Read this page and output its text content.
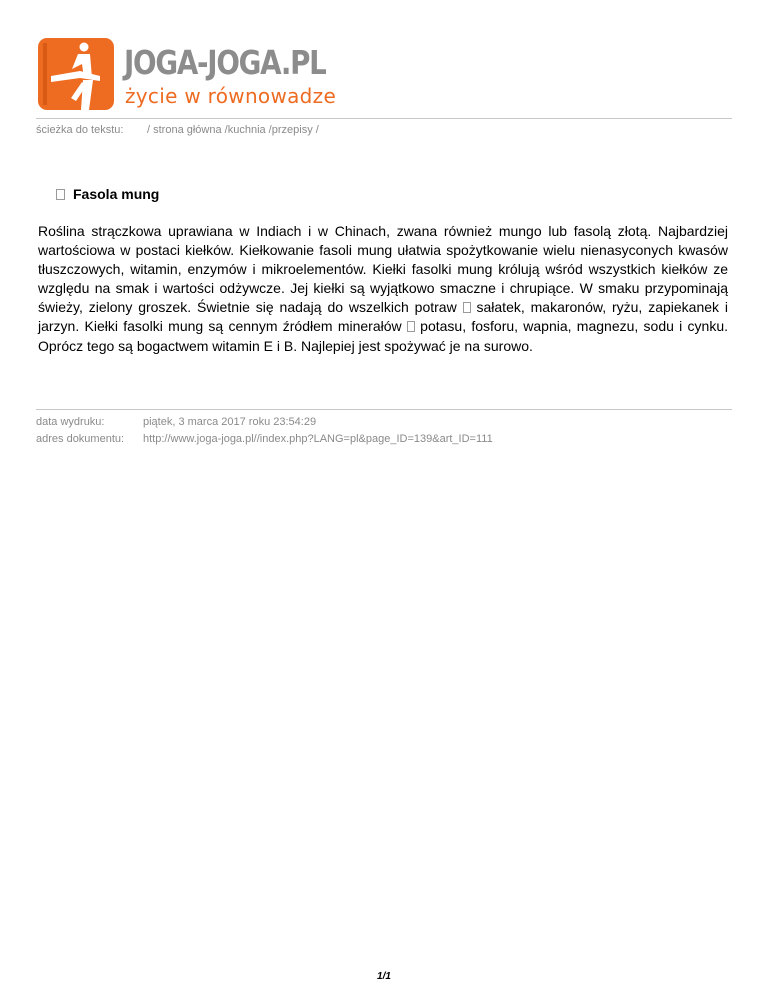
JOGA-JOGA.PL
życie w równowadze
ścieżka do tekstu: / strona główna /kuchnia /przepisy /
Fasola mung

Roślina strączkowa uprawiana w Indiach i w Chinach, zwana również mungo lub fasolą złotą. Najbardziej wartościowa w postaci kiełków. Kiełkowanie fasoli mung ułatwia spożytkowanie wielu nienasyconych kwasów tłuszczowych, witamin, enzymów i mikroelementów. Kiełki fasolki mung królują wśród wszystkich kiełków ze względu na smak i wartości odżywcze. Jej kiełki są wyjątkowo smaczne i chrupiące. W smaku przypominają świeży, zielony groszek. Świetnie się nadają do wszelkich potraw sałatek, makaronów, ryżu, zapiekanek i jarzyn. Kiełki fasolki mung są cennym źródłem minerałów potasu, fosforu, wapnia, magnezu, sodu i cynku. Oprócz tego są bogactwem witamin E i B. Najlepiej jest spożywać je na surowo.

data wydruku:	piątek, 3 marca 2017 roku 23:54:29
adres dokumentu: http://www.joga-joga.pl//index.php?LANG=pl&page_ID=139&art_ID=111
1/1
